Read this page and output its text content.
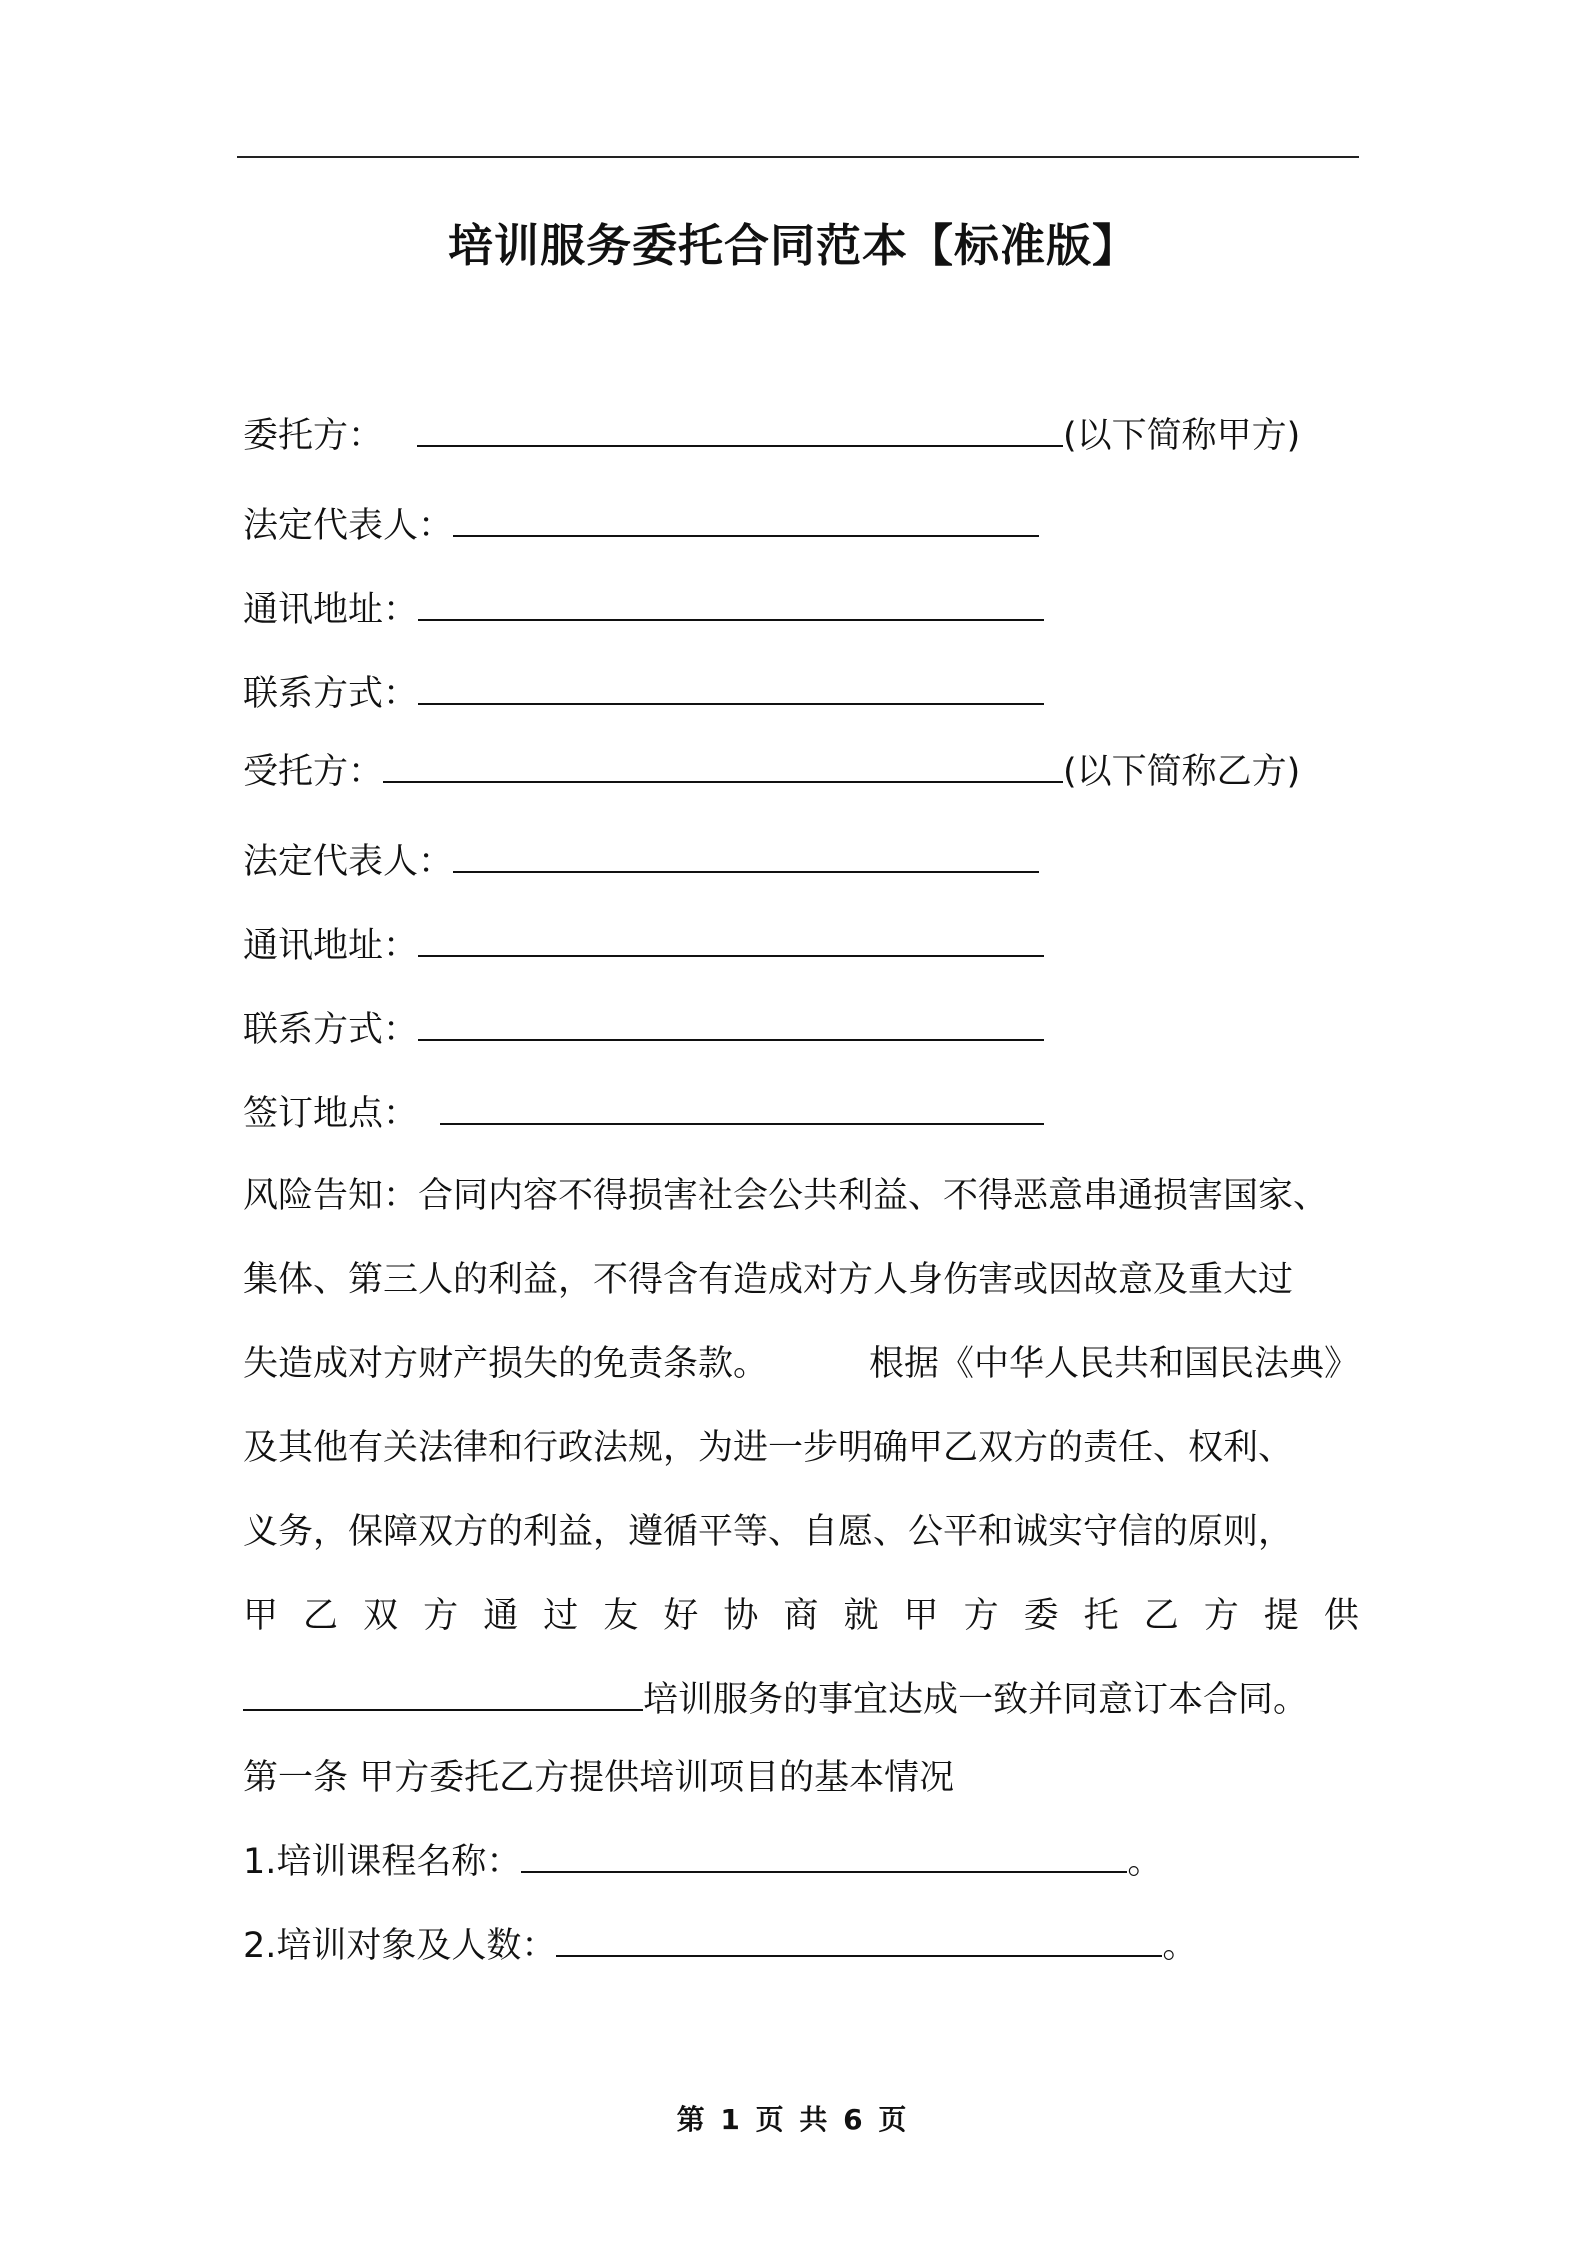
培训服务委托合同范本【标准版】
委托方：	(以下简称甲方)
法定代表人：
通讯地址：
联系方式：
受托方：	(以下简称乙方)
法定代表人：
通讯地址：
联系方式：
签订地点：
风险告知：合同内容不得损害社会公共利益、不得恶意串通损害国家、
集体、第三人的利益，不得含有造成对方人身伤害或因故意及重大过
失造成对方财产损失的免责条款。	根据《中华人民共和国民法典》
及其他有关法律和行政法规，为进一步明确甲乙双方的责任、权利、
义务，保障双方的利益，遵循平等、自愿、公平和诚实守信的原则，
甲 乙 双 方 通 过 友 好 协 商 就 甲 方 委 托 乙 方 提 供
培训服务的事宜达成一致并同意订本合同。
第一条 甲方委托乙方提供培训项目的基本情况
1.培训课程名称：	。
2.培训对象及人数：	。
第 1 页 共 6 页
